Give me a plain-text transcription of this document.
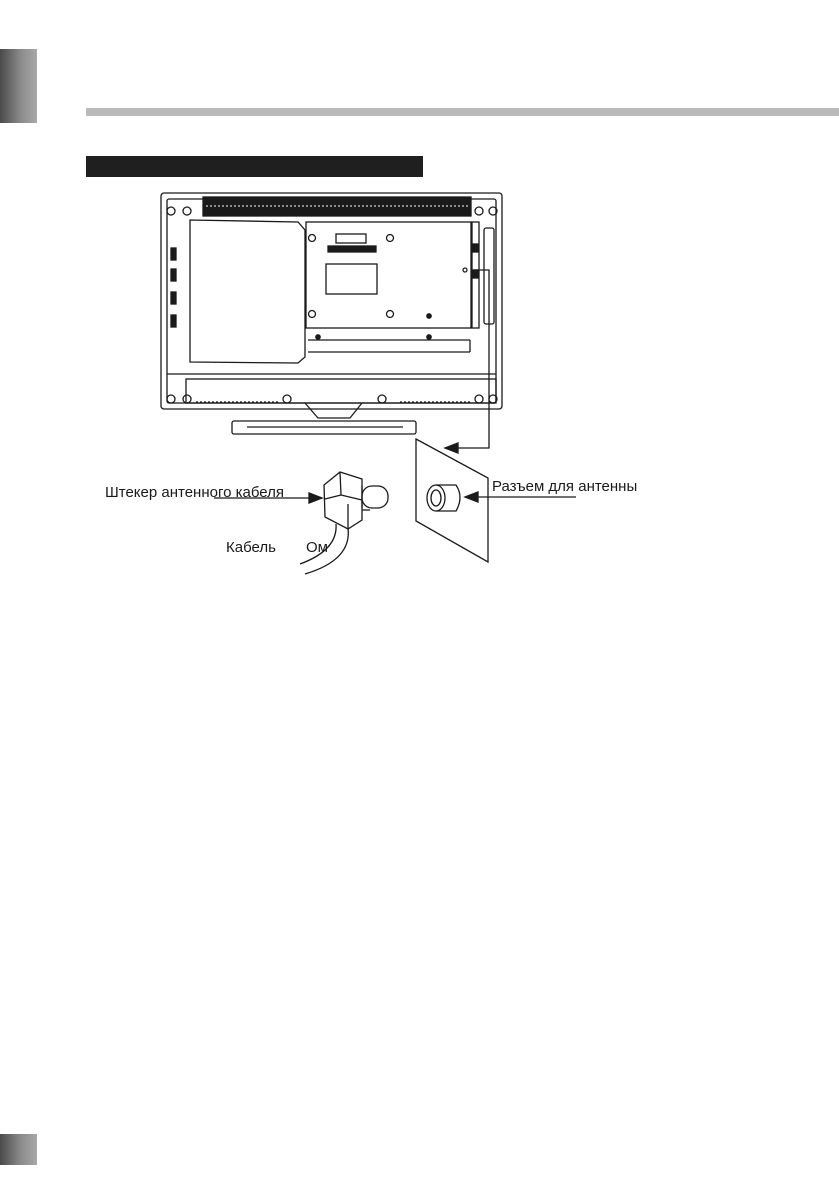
Штекер антенного кабеля	Разъем для антенны
Кабель Ом
